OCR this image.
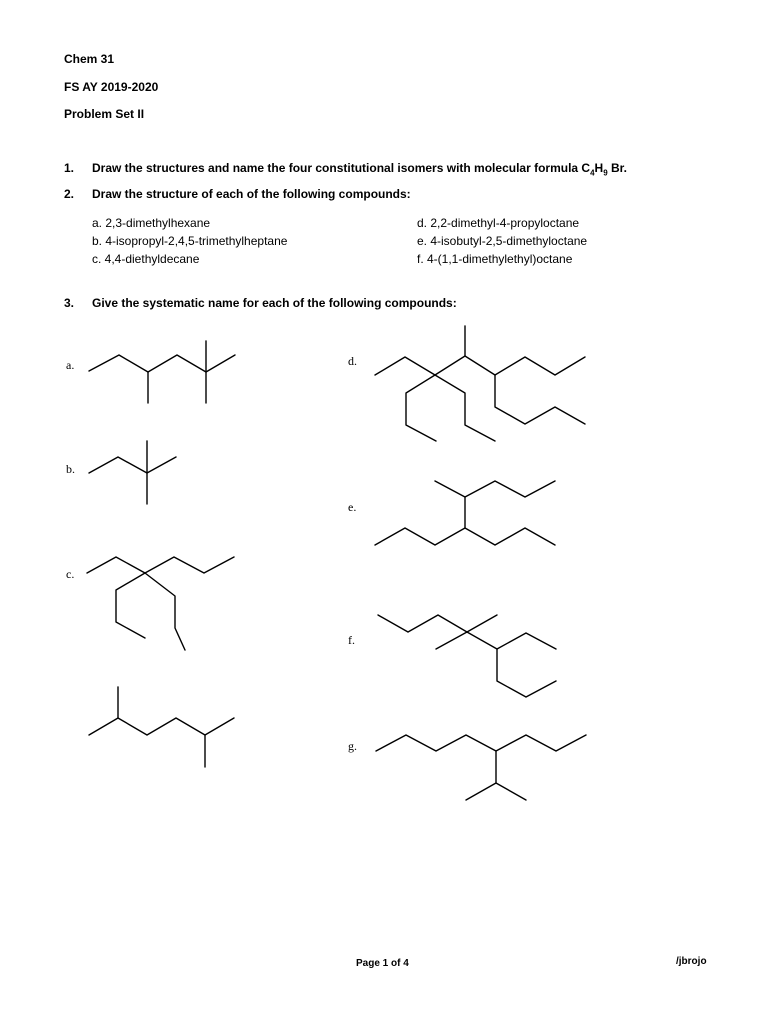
Chem 31
FS AY 2019-2020
Problem Set II
1. Draw the structures and name the four constitutional isomers with molecular formula $C_4H_9$ Br.
2. Draw the structure of each of the following compounds:
a. 2,3-dimethylhexane
b. 4-isopropyl-2,4,5-trimethylheptane
c. 4,4-diethyldecane
d. 2,2-dimethyl-4-propyloctane
e. 4-isobutyl-2,5-dimethyloctane
f. 4-(1,1-dimethylethyl)octane
3. Give the systematic name for each of the following compounds:
a.
b.
c.
d.
e.
f.
g.
Page 1 of 4	/jbrojo
